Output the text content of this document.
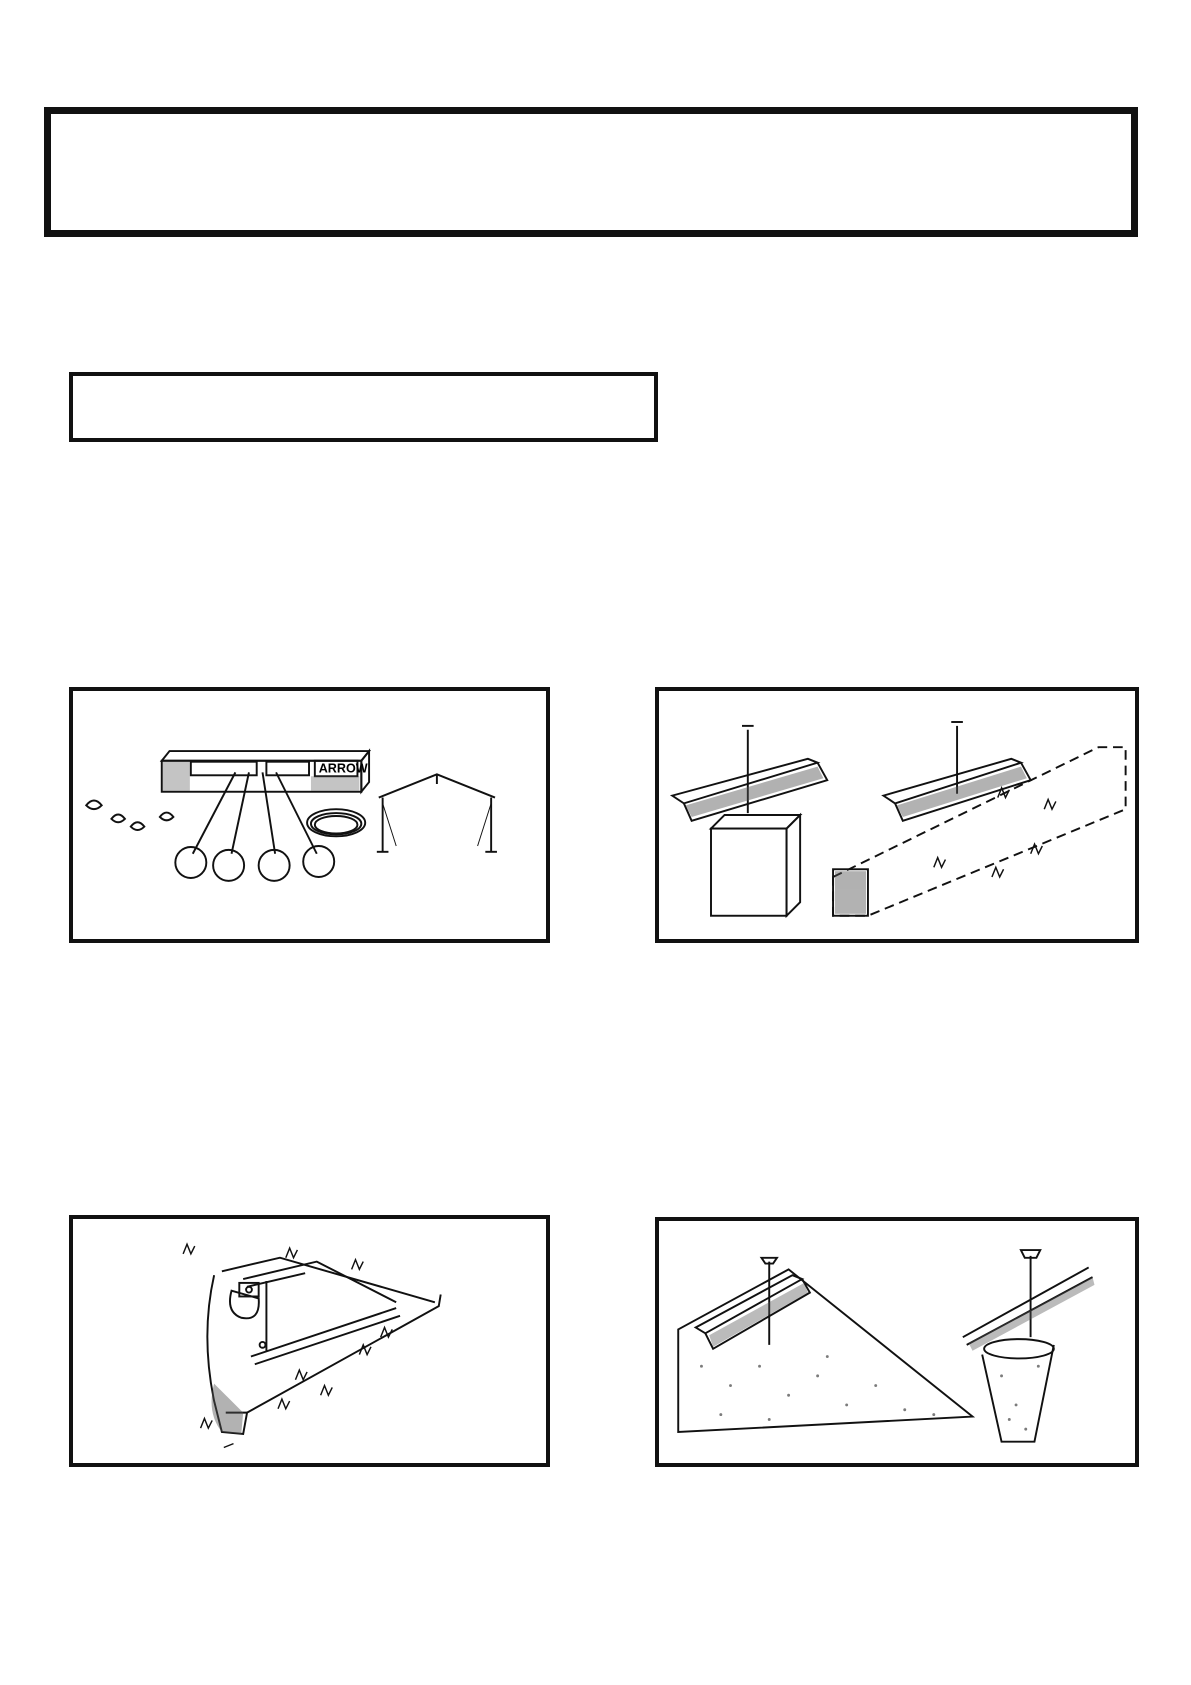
ARROW
